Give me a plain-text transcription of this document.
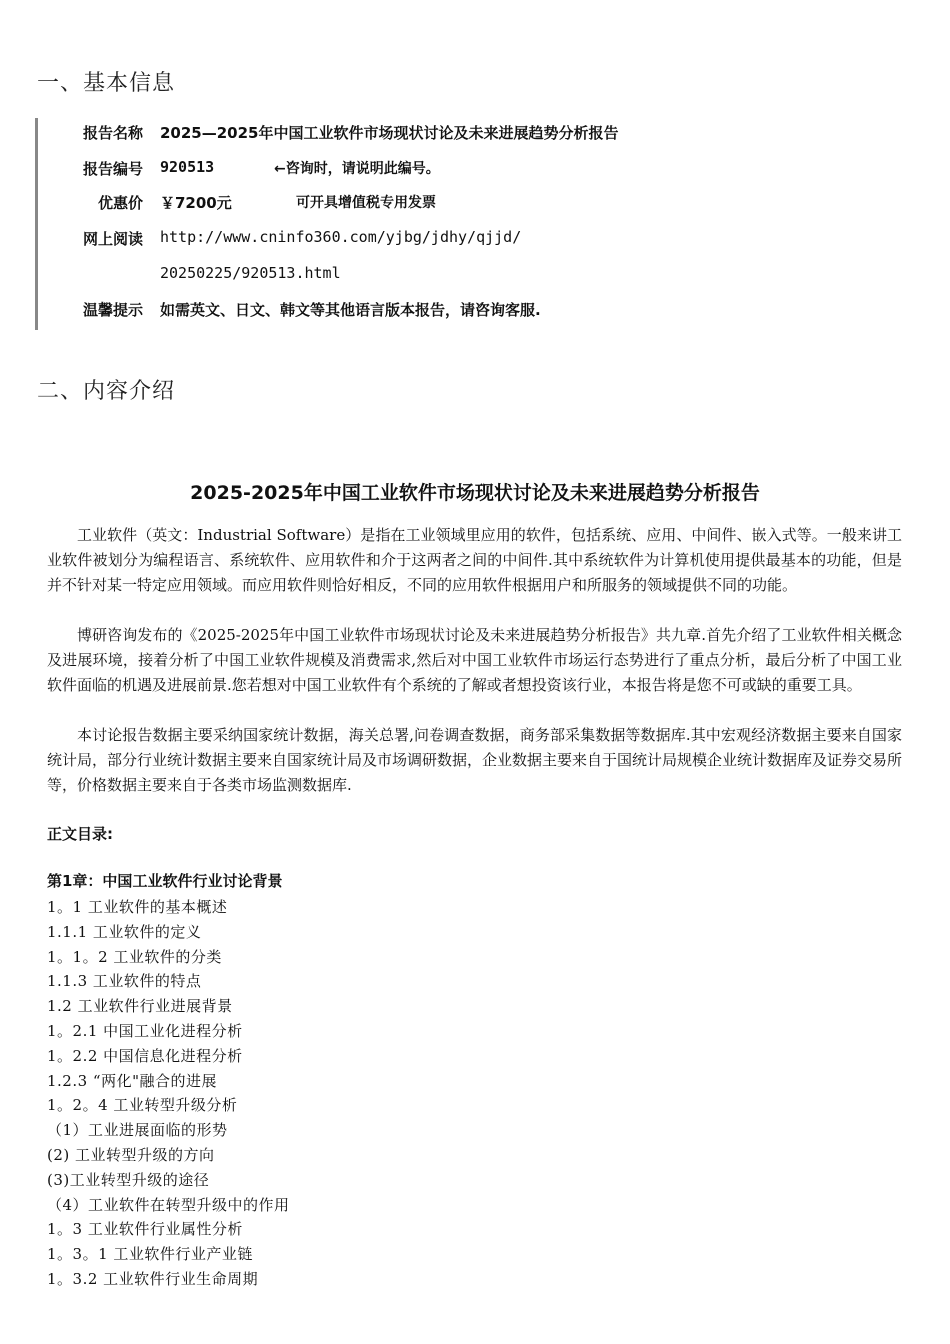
一、基本信息
报告名称 2025—2025年中国工业软件市场现状讨论及未来进展趋势分析报告
报告编号 920513	←咨询时，请说明此编号。
优惠价 ￥7200元	可开具增值税专用发票
网上阅读 http://www.cninfo360.com/yjbg/jdhy/qjjd/
20250225/920513.html
温馨提示 如需英文、日文、韩文等其他语言版本报告，请咨询客服.
二、内容介绍
2025-2025年中国工业软件市场现状讨论及未来进展趋势分析报告
工业软件（英文：Industrial Software）是指在工业领域里应用的软件，包括系统、应用、中间件、嵌入式等。一般来讲工业软件被划分为编程语言、系统软件、应用软件和介于这两者之间的中间件.其中系统软件为计算机使用提供最基本的功能，但是并不针对某一特定应用领域。而应用软件则恰好相反，不同的应用软件根据用户和所服务的领域提供不同的功能。
博研咨询发布的《2025-2025年中国工业软件市场现状讨论及未来进展趋势分析报告》共九章.首先介绍了工业软件相关概念及进展环境，接着分析了中国工业软件规模及消费需求,然后对中国工业软件市场运行态势进行了重点分析，最后分析了中国工业软件面临的机遇及进展前景.您若想对中国工业软件有个系统的了解或者想投资该行业，本报告将是您不可或缺的重要工具。
本讨论报告数据主要采纳国家统计数据，海关总署,问卷调查数据，商务部采集数据等数据库.其中宏观经济数据主要来自国家统计局，部分行业统计数据主要来自国家统计局及市场调研数据，企业数据主要来自于国统计局规模企业统计数据库及证券交易所等，价格数据主要来自于各类市场监测数据库.
正文目录:
第1章：中国工业软件行业讨论背景
1。1 工业软件的基本概述
1.1.1 工业软件的定义
1。1。2 工业软件的分类
1.1.3 工业软件的特点
1.2 工业软件行业进展背景
1。2.1 中国工业化进程分析
1。2.2 中国信息化进程分析
1.2.3 “两化"融合的进展
1。2。4 工业转型升级分析
（1）工业进展面临的形势
(2) 工业转型升级的方向
(3)工业转型升级的途径
（4）工业软件在转型升级中的作用
1。3 工业软件行业属性分析
1。3。1 工业软件行业产业链
1。3.2 工业软件行业生命周期
